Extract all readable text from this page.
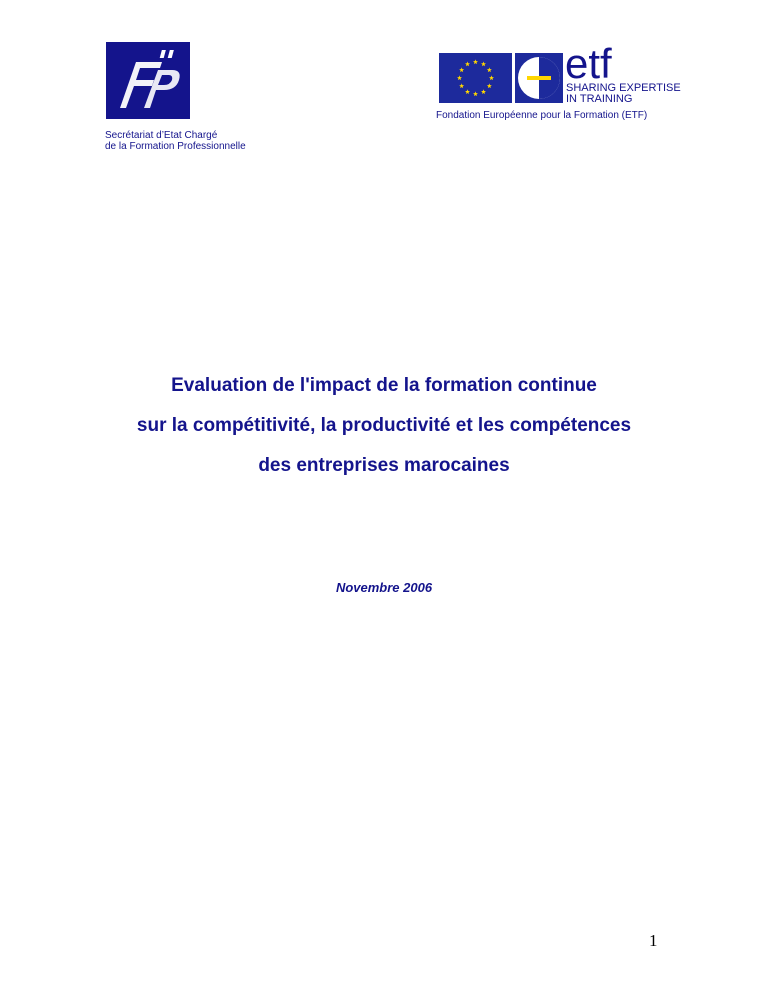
Secrétariat d’Etat Chargé
de la Formation Professionnelle
etf
SHARING EXPERTISE
IN TRAINING
Fondation Européenne pour la Formation (ETF)
Evaluation de l'impact de la formation continue
sur la compétitivité, la productivité et les compétences
des entreprises marocaines
Novembre 2006
1
